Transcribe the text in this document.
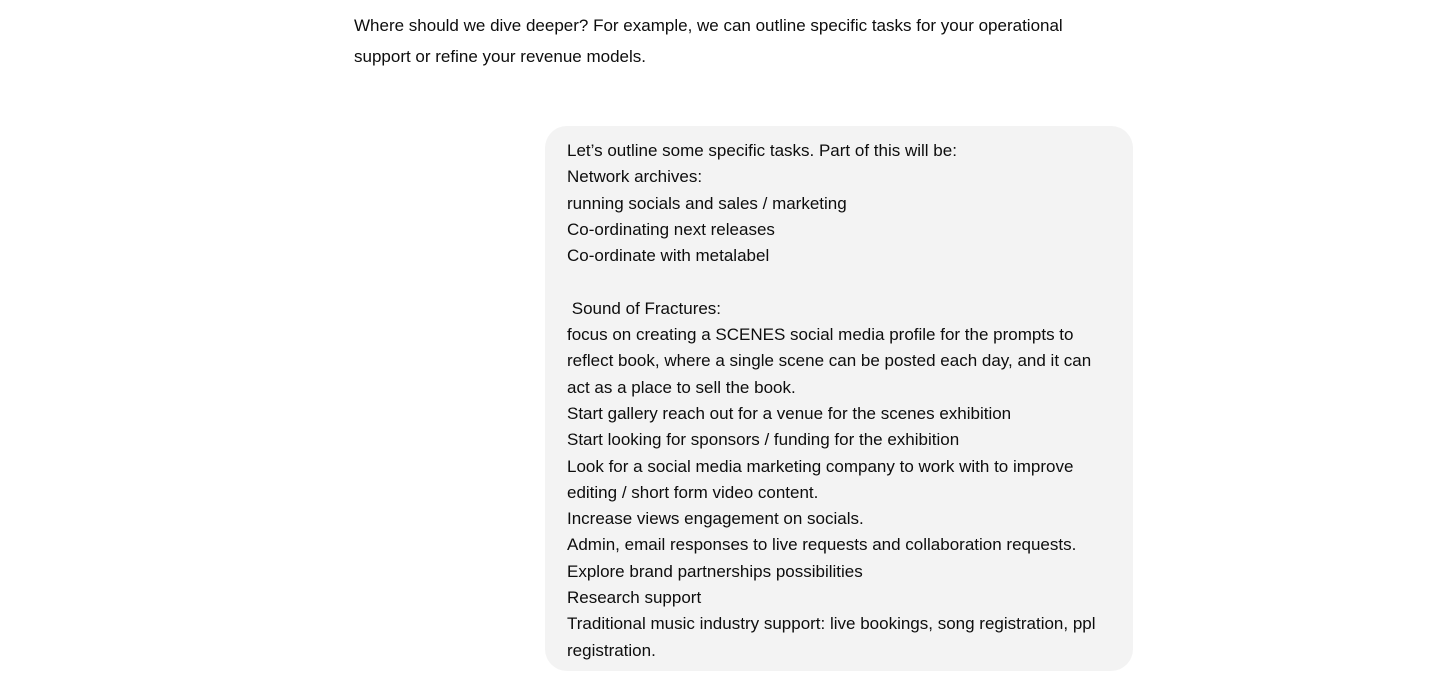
Where should we dive deeper? For example, we can outline specific tasks for your operational support or refine your revenue models.

Let’s outline some specific tasks. Part of this will be:
Network archives:
running socials and sales / marketing
Co-ordinating next releases
Co-ordinate with metalabel
Sound of Fractures:
focus on creating a SCENES social media profile for the prompts to
reflect book, where a single scene can be posted each day, and it can
act as a place to sell the book.
Start gallery reach out for a venue for the scenes exhibition
Start looking for sponsors / funding for the exhibition
Look for a social media marketing company to work with to improve
editing / short form video content.
Increase views engagement on socials.
Admin, email responses to live requests and collaboration requests.
Explore brand partnerships possibilities
Research support
Traditional music industry support: live bookings, song registration, ppl
registration.
